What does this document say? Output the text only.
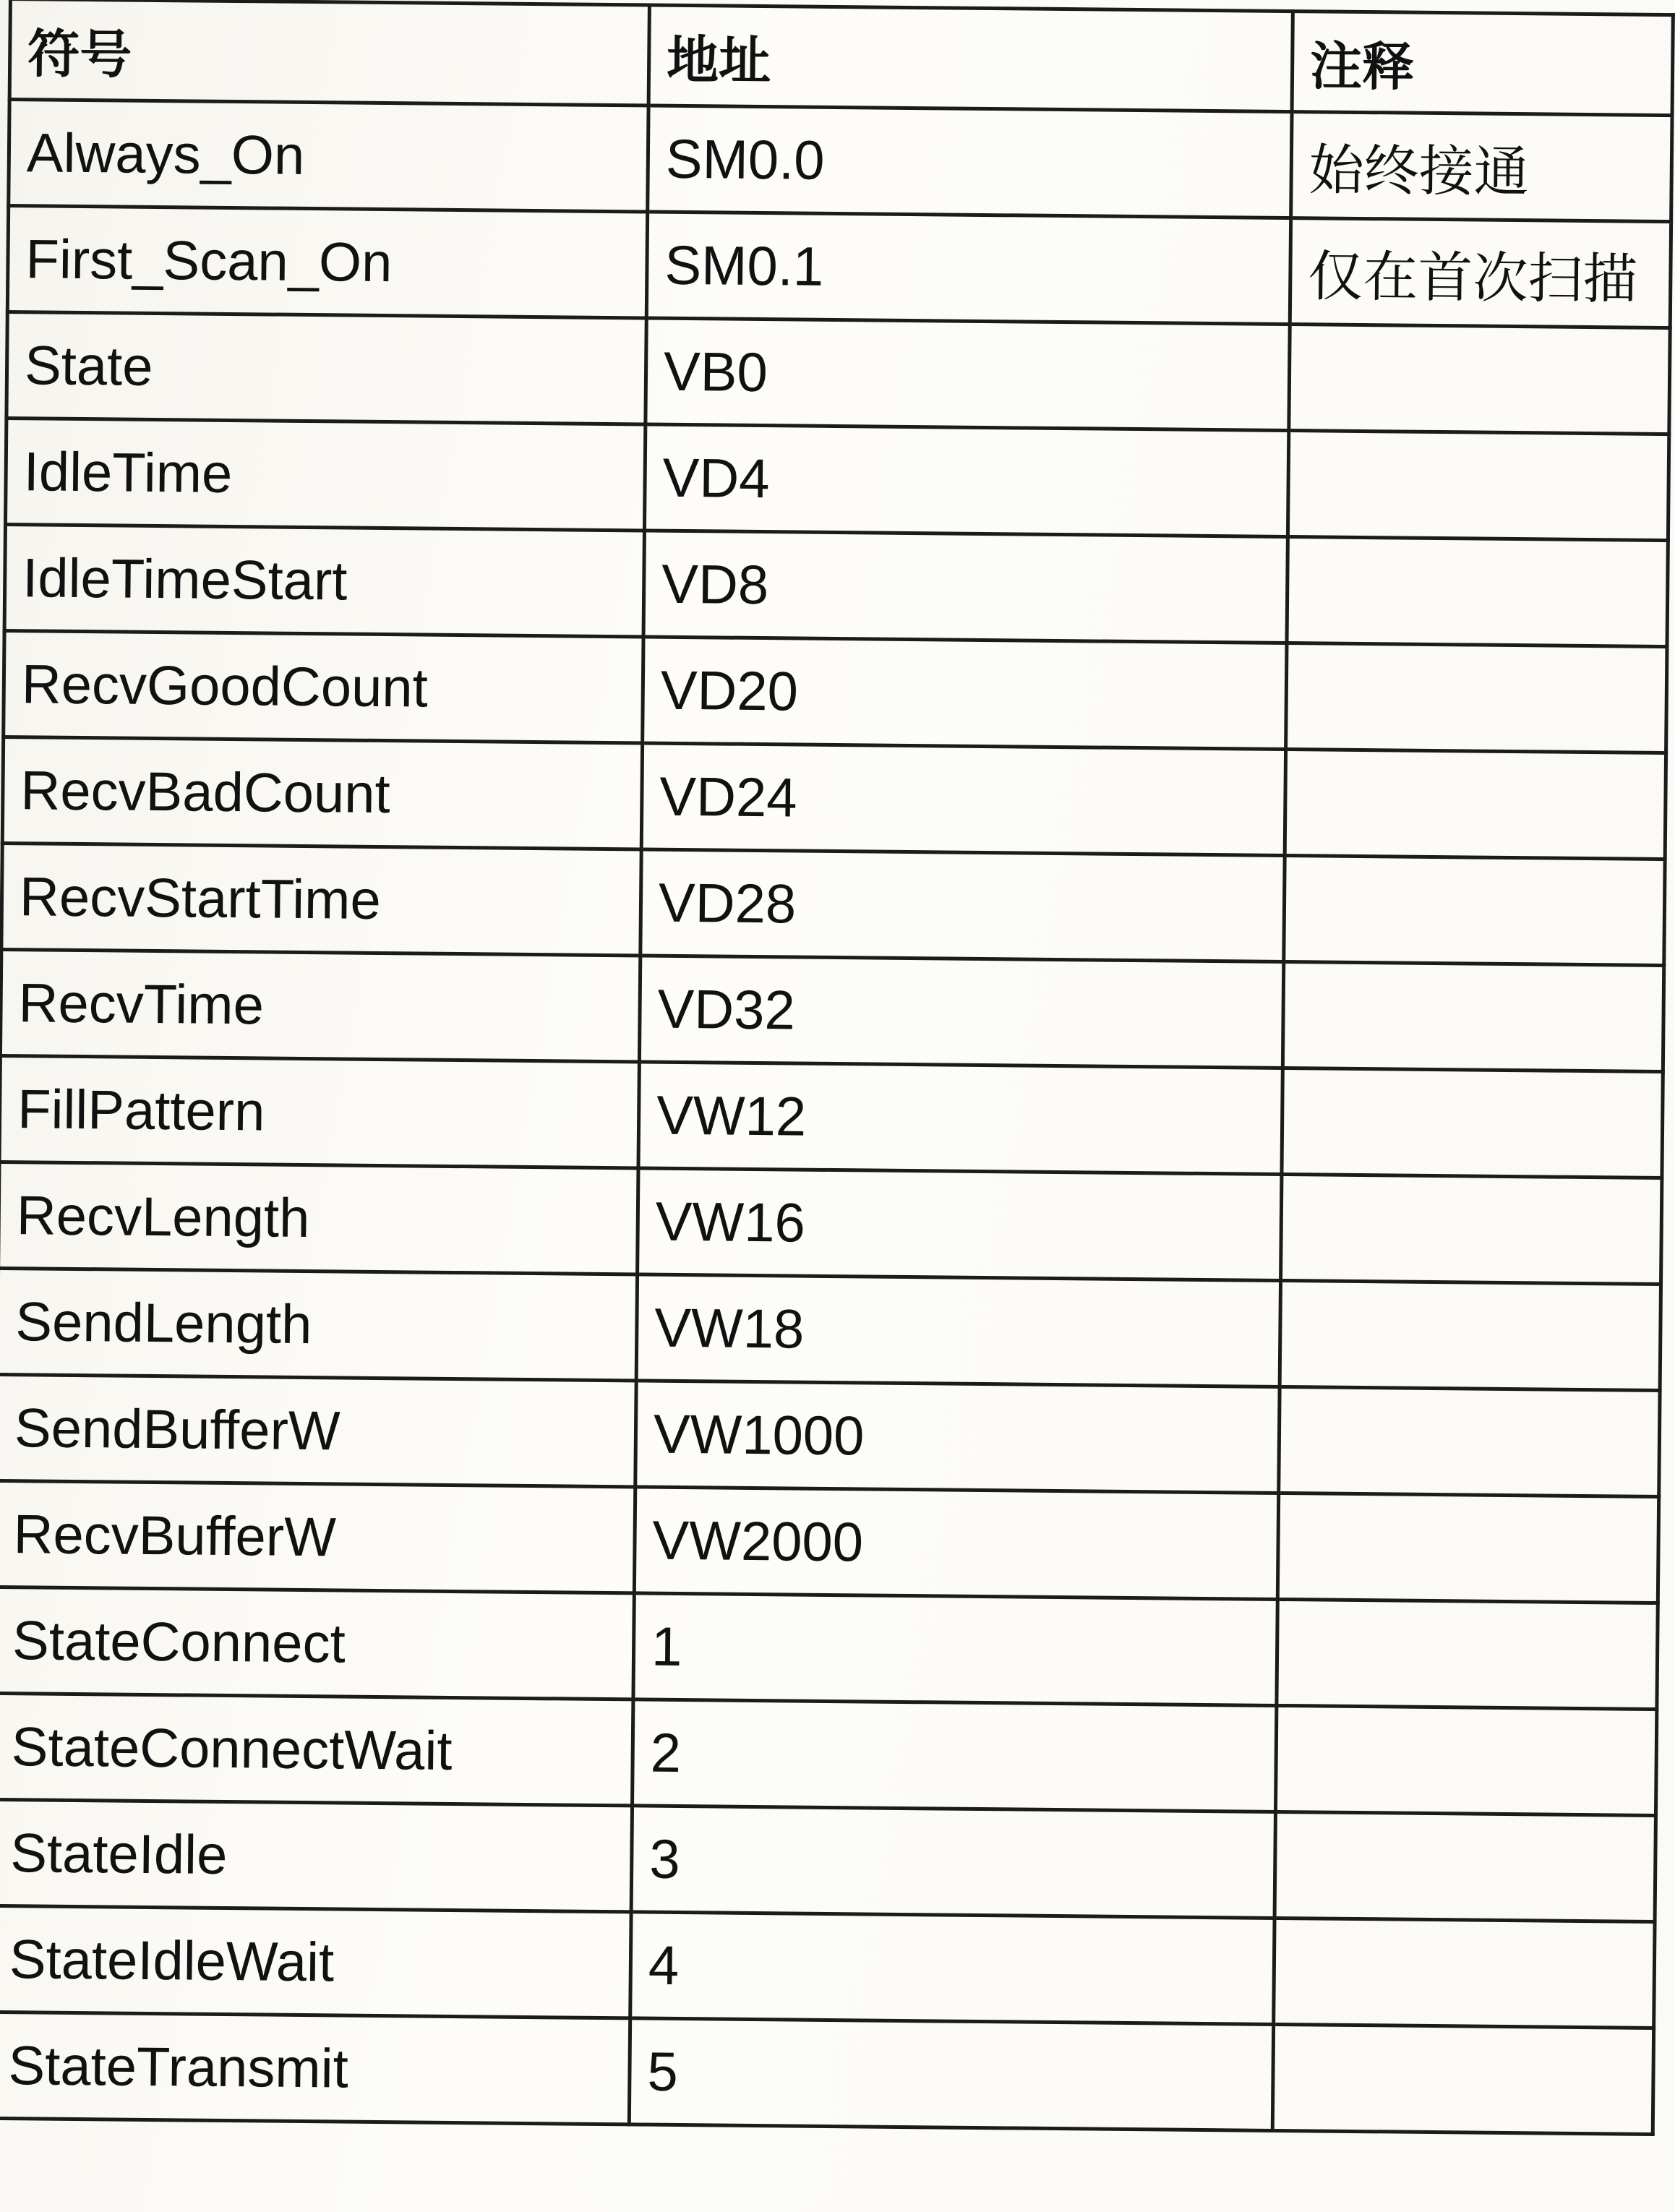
符号	地址	注释
Always_On	SM0.0	始终接通
First_Scan_On	SM0.1	仅在首次扫描
State	VB0	
IdleTime	VD4	
IdleTimeStart	VD8	
RecvGoodCount	VD20	
RecvBadCount	VD24	
RecvStartTime	VD28	
RecvTime	VD32	
FillPattern	VW12	
RecvLength	VW16	
SendLength	VW18	
SendBufferW	VW1000	
RecvBufferW	VW2000	
StateConnect	1	
StateConnectWait	2	
StateIdle	3	
StateIdleWait	4	
StateTransmit	5	
